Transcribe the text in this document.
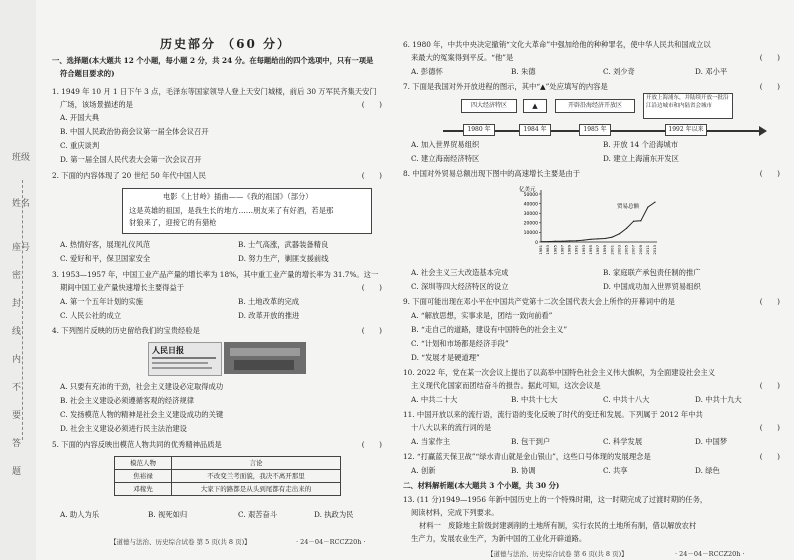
历史部分 （60 分）
一、选择题(本大题共 12 个小题，每小题 2 分，共 24 分。在每题给出的四个选项中，只有一项是
符合题目要求的)
1. 1949 年 10 月 1 日下午 3 点，毛泽东等国家领导人登上天安门城楼，前后 30 万军民齐集天安门
广场，该场景描述的是	(　　)
A. 开国大典
B. 中国人民政治协商会议第一届全体会议召开
C. 重庆谈判
D. 第一届全国人民代表大会第一次会议召开
2. 下面的内容体现了 20 世纪 50 年代中国人民	(　　)
电影《上甘岭》插曲——《我的祖国》（部分）
这是英雄的祖国，是我生长的地方……朋友来了有好酒，若是那
豺狼来了，迎接它的有猎枪
A. 热情好客，展现礼仪风范	B. 士气高涨，武器装备精良
C. 爱好和平，保卫国家安全	D. 努力生产，剿匪支援前线
3. 1953—1957 年，中国工业产品产量的增长率为 18%，其中重工业产量的增长率为 31.7%。这一
期间中国工业产量快速增长主要得益于	(　　)
A. 第一个五年计划的实施	B. 土地改革的完成
C. 人民公社的成立	D. 改革开放的推进
4. 下列图片反映的历史留给我们的宝贵经验是	(　　)
人民日报
A. 只要有充沛的干劲，社会主义建设必定取得成功
B. 社会主义建设必须遵循客观的经济规律
C. 发扬模范人物的精神是社会主义建设成功的关键
D. 社会主义建设必须进行民主法治建设
5. 下面的内容反映出模范人物共同的优秀精神品质是	(　　)
模范人物	言论
焦裕禄	不改变兰考面貌，我决不离开那里
邓稼先	大家下的路都是从头到尾都有走出来的
A. 助人为乐	B. 视死如归	C. 艰苦奋斗	D. 执政为民
【道德与法治、历史综合试卷 第 5 页(共 8 页)】	· 24－04－RCCZ20h ·
6. 1980 年，中共中央决定撤销“文化大革命”中强加给他的种种罪名，使中华人民共和国成立以
来最大的冤案得到平反。“他”是	(　　)
A. 彭德怀	B. 朱德	C. 刘少奇	D. 邓小平
7. 下面是我国对外开放进程的图示，其中“▲”处应填写的内容是	(　　)
四大经济特区	▲	开辟沿海经济开放区
开放上海浦东，并陆续开放一批沿江沿边城市和内陆省会城市
1980 年	1984 年	1985 年	1992 年以来
A. 加入世界贸易组织	B. 开放 14 个沿海城市
C. 建立海南经济特区	D. 建立上海浦东开发区
8. 中国对外贸易总额出现下图中的高速增长主要是由于	(　　)
0
10000
20000
30000
40000
50000
1981 1983 1985 1987 1989 1991 1993 1995 1997 1999 2001 2003 2005 2007 2009 2011 2013
亿美元
贸易总额
A. 社会主义三大改造基本完成	B. 家庭联产承包责任制的推广
C. 深圳等四大经济特区的设立	D. 中国成功加入世界贸易组织
9. 下面可能出现在邓小平在中国共产党第十二次全国代表大会上所作的开幕词中的是	(　　)
A. “解放思想，实事求是，团结一致向前看”
B. “走自己的道路，建设有中国特色的社会主义”
C. “计划和市场都是经济手段”
D. “发展才是硬道理”
10. 2022 年，党在某一次会议上提出了以高举中国特色社会主义伟大旗帜，为全面建设社会主义
主义现代化国家而团结奋斗的报告。据此可知，这次会议是	(　　)
A. 中共二十大	B. 中共十七大	C. 中共十八大	D. 中共十九大
11. 中国开放以来的流行语，流行语的变化反映了时代的变迁和发展。下列属于 2012 年中共
十八大以来的流行词的是	(　　)
A. 当家作主	B. 包干到户	C. 科学发展	D. 中国梦
12. “打赢蓝天保卫战”“绿水青山就是金山银山”，这些口号体现的发展理念是	(　　)
A. 创新	B. 协调	C. 共享	D. 绿色
二、材料解析题(本大题共 3 个小题，共 30 分)
13. (11 分)1949—1956 年新中国历史上的一个特殊时期，这一时期完成了过渡时期的任务，
阅读材料，完成下列要求。
材料一　废除地主阶级封建剥削的土地所有制，实行农民的土地所有制，借以解放农村
生产力，发展农业生产，为新中国的工业化开辟道路。
【道德与法治、历史综合试卷 第 6 页(共 8 页)】	· 24－04－RCCZ20h ·
班级
姓名
座号
密
封
线
内
不
要
答
题
